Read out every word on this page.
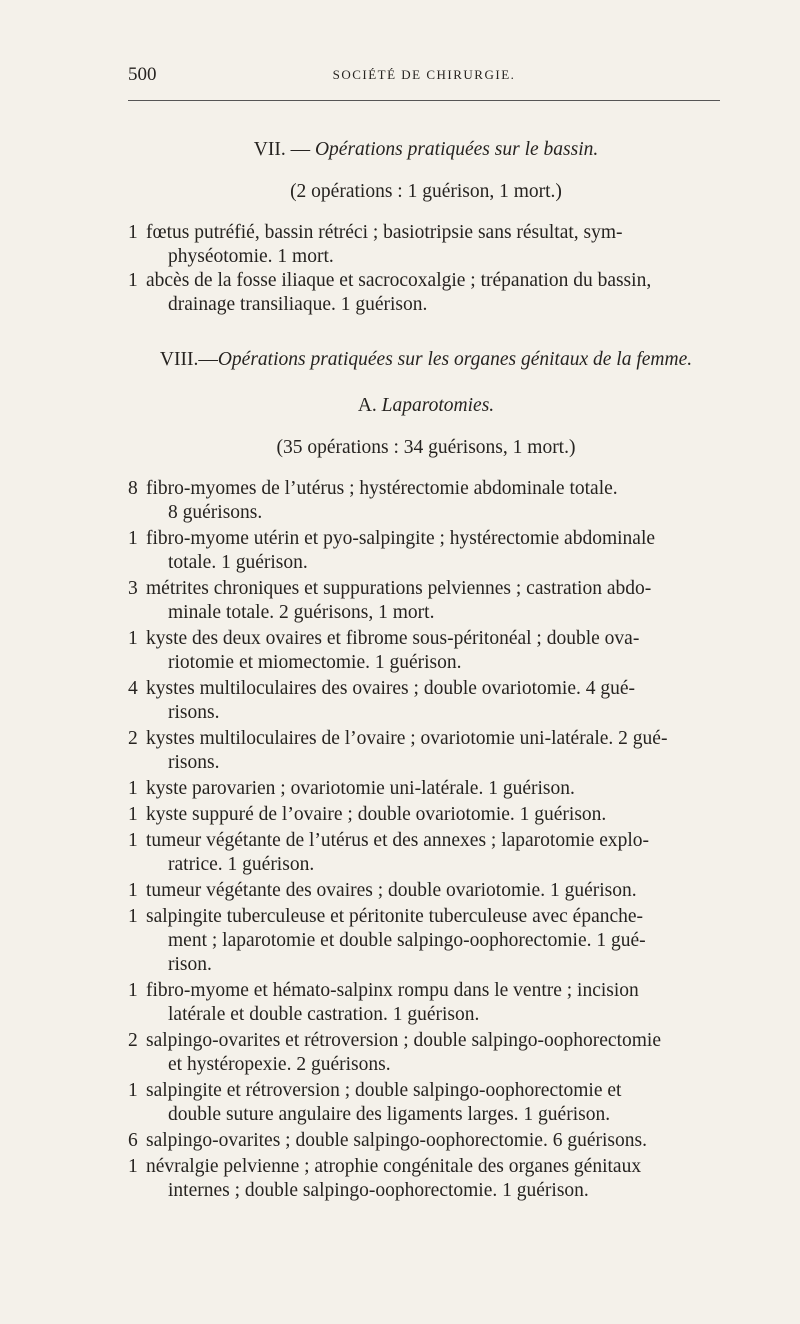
500	SOCIÉTÉ DE CHIRURGIE.
VII. — Opérations pratiquées sur le bassin.
(2 opérations : 1 guérison, 1 mort.)
1 fœtus putréfié, bassin rétréci ; basiotripsie sans résultat, sym-
physéotomie. 1 mort.
1 abcès de la fosse iliaque et sacrocoxalgie ; trépanation du bassin,
drainage transiliaque. 1 guérison.
VIII.—Opérations pratiquées sur les organes génitaux de la femme.
A. Laparotomies.
(35 opérations : 34 guérisons, 1 mort.)
8 fibro-myomes de l’utérus ; hystérectomie abdominale totale.
8 guérisons.
1 fibro-myome utérin et pyo-salpingite ; hystérectomie abdominale
totale. 1 guérison.
3 métrites chroniques et suppurations pelviennes ; castration abdo-
minale totale. 2 guérisons, 1 mort.
1 kyste des deux ovaires et fibrome sous-péritonéal ; double ova-
riotomie et miomectomie. 1 guérison.
4 kystes multiloculaires des ovaires ; double ovariotomie. 4 gué-
risons.
2 kystes multiloculaires de l’ovaire ; ovariotomie uni-latérale. 2 gué-
risons.
1 kyste parovarien ; ovariotomie uni-latérale. 1 guérison.
1 kyste suppuré de l’ovaire ; double ovariotomie. 1 guérison.
1 tumeur végétante de l’utérus et des annexes ; laparotomie explo-
ratrice. 1 guérison.
1 tumeur végétante des ovaires ; double ovariotomie. 1 guérison.
1 salpingite tuberculeuse et péritonite tuberculeuse avec épanche-
ment ; laparotomie et double salpingo-oophorectomie. 1 gué-
rison.
1 fibro-myome et hémato-salpinx rompu dans le ventre ; incision
latérale et double castration. 1 guérison.
2 salpingo-ovarites et rétroversion ; double salpingo-oophorectomie
et hystéropexie. 2 guérisons.
1 salpingite et rétroversion ; double salpingo-oophorectomie et
double suture angulaire des ligaments larges. 1 guérison.
6 salpingo-ovarites ; double salpingo-oophorectomie. 6 guérisons.
1 névralgie pelvienne ; atrophie congénitale des organes génitaux
internes ; double salpingo-oophorectomie. 1 guérison.
